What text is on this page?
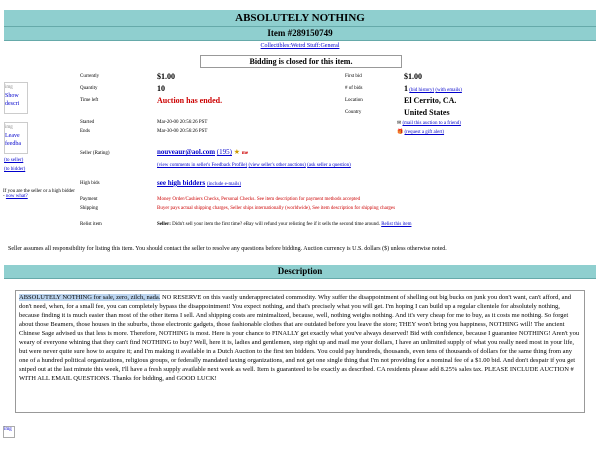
ABSOLUTELY NOTHING
Item #289150749
Collectibles:Weird Stuff:General
Bidding is closed for this item.
img Show descri
img Leave feedba
(to seller)
(to bidder)
If you are the seller or a high bidder - now what?
Currently	$1.00
Quantity	10
Time left	Auction has ended.
Started	Mar-20-00 20:56:26 PST
Ends	Mar-30-00 20:56:26 PST
Seller (Rating)	nouveaur@aol.com (195) ★ me
(view comments in seller's Feedback Profile) (view seller's other auctions) (ask seller a question)
High bids	see high bidders (include e-mails)
Payment	Money Order/Cashiers Checks, Personal Checks. See item description for payment methods accepted
Shipping	Buyer pays actual shipping charges, Seller ships internationally (worldwide), See item description for shipping charges
Relist item	Seller: Didn't sell your item the first time? eBay will refund your relisting fee if it sells the second time around. Relist this item
First bid	$1.00
# of bids	1 (bid history) (with emails)
Location	El Cerrito, CA.
Country	United States
✉ (mail this auction to a friend)
🎁 (request a gift alert)
Seller assumes all responsibility for listing this item. You should contact the seller to resolve any questions before bidding. Auction currency is U.S. dollars ($) unless otherwise noted.
Description
ABSOLUTELY NOTHING for sale, zero, zilch, nada. NO RESERVE on this vastly underappreciated commodity. Why suffer the disappointment of shelling out big bucks on junk you don't want, can't afford, and don't need, when, for a small fee, you can completely bypass the disappointment! You expect nothing, and that's precisely what you will get. I'm hoping I can build up a regular clientele for absolutely nothing, because finding it is much easier than most of the other items I sell. And shipping costs are minimalized, because, well, nothing weighs nothing. And it's very cheap for me to buy, as it costs me nothing. So forget about those Beamers, those houses in the suburbs, those electronic gadgets, those fashionable clothes that are outdated before you leave the store; THEY won't bring you happiness, NOTHING will! The ancient Chinese Sage advised us that less is more. Therefore, NOTHING is most. Here is your chance to FINALLY get exactly what you've always deserved! Bid with confidence, because I guarantee NOTHING! Aren't you weary of everyone whining that they can't find NOTHING to buy? Well, here it is, ladies and gentlemen, step right up and mail me your dollars, I have an unlimited supply of what you really need most in your life, but were never quite sure how to acquire it; and I'm making it available in a Dutch Auction to the first ten bidders. You could pay hundreds, thousands, even tens of thousands of dollars for the same thing from any one of a hundred political organizations, religious groups, or federally mandated taxing organizations, and not get one single thing that I'm not providing for a nominal fee of a $1.00 bid. And don't despair if you get sniped out at the last minute this week, I'll have a fresh supply available next week as well. Item is guaranteed to be exactly as described. CA residents please add 8.25% sales tax. PLEASE INCLUDE AUCTION # WITH ALL EMAIL QUESTIONS. Thanks for bidding, and GOOD LUCK!
img
